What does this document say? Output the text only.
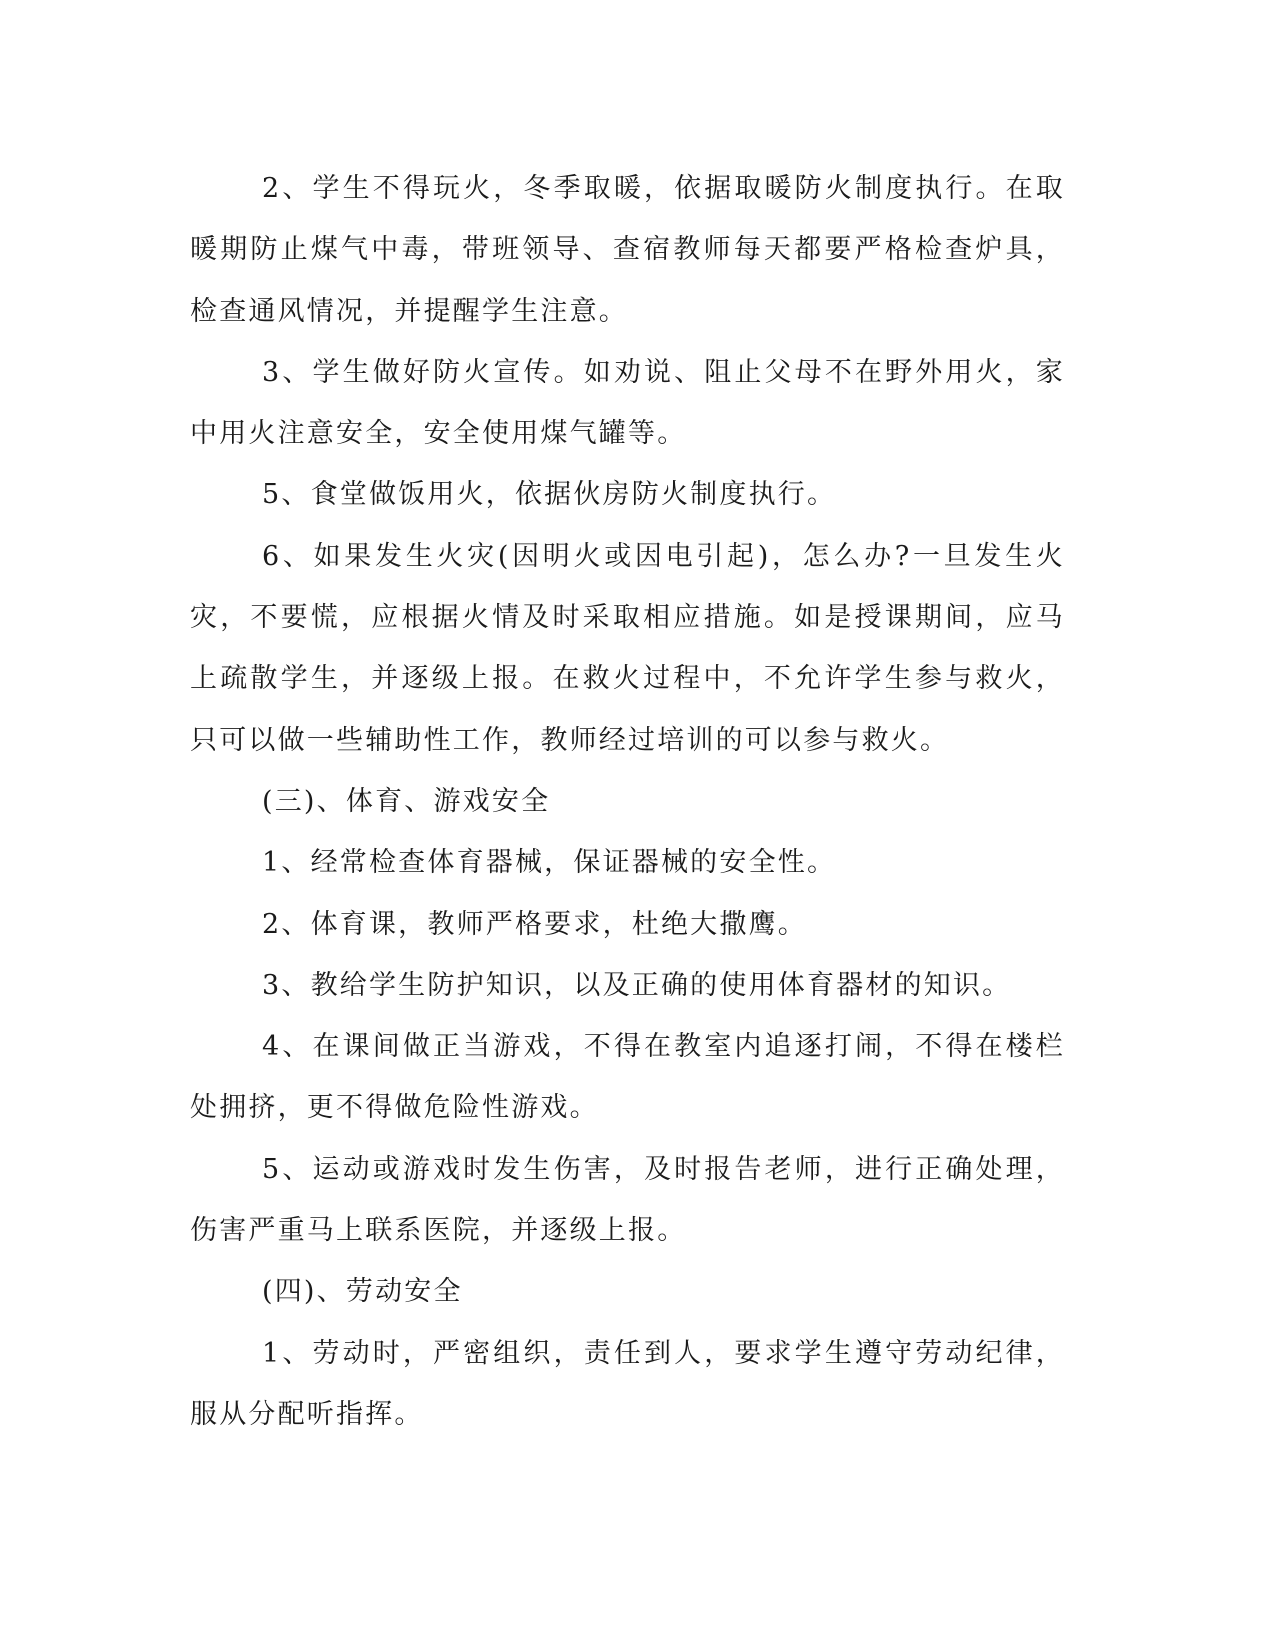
2、学生不得玩火，冬季取暖，依据取暖防火制度执行。在取暖期防止煤气中毒，带班领导、查宿教师每天都要严格检查炉具，检查通风情况，并提醒学生注意。

3、学生做好防火宣传。如劝说、阻止父母不在野外用火，家中用火注意安全，安全使用煤气罐等。

5、食堂做饭用火，依据伙房防火制度执行。

6、如果发生火灾(因明火或因电引起)，怎么办?一旦发生火灾，不要慌，应根据火情及时采取相应措施。如是授课期间，应马上疏散学生，并逐级上报。在救火过程中，不允许学生参与救火，只可以做一些辅助性工作，教师经过培训的可以参与救火。

(三)、体育、游戏安全

1、经常检查体育器械，保证器械的安全性。

2、体育课，教师严格要求，杜绝大撒鹰。

3、教给学生防护知识，以及正确的使用体育器材的知识。

4、在课间做正当游戏，不得在教室内追逐打闹，不得在楼栏处拥挤，更不得做危险性游戏。

5、运动或游戏时发生伤害，及时报告老师，进行正确处理，伤害严重马上联系医院，并逐级上报。

(四)、劳动安全

1、劳动时，严密组织，责任到人，要求学生遵守劳动纪律，服从分配听指挥。
